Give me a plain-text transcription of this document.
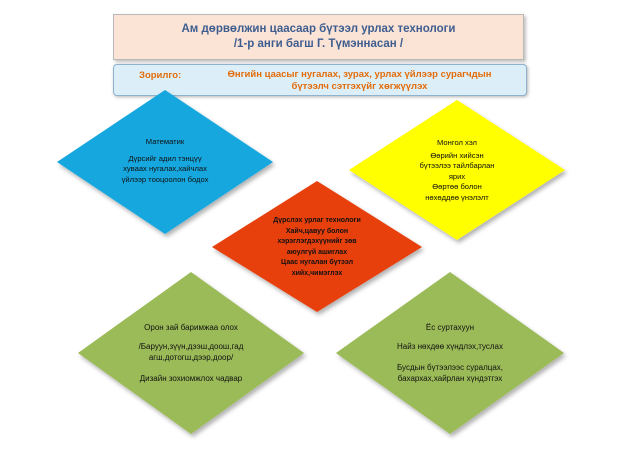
Ам дөрвөлжин цаасаар бүтээл урлах технологи
/1-р анги багш Г. Түмэннасан /
Зорилго:	Өнгийн цаасыг нугалах, зурах, урлах үйлээр сурагчдын
бүтээлч сэтгэхүйг хөгжүүлэх
Математик
Дүрсийг адил тэнцүү
хуваах нугалах,хайчлах
үйлээр тооцоолон бодох
Монгол хэл
Өөрийн хийсэн
бүтээлээ тайлбарлан
ярих
Өөртөө болон
нөхөддөө үнэлэлт
Дүрслэх урлаг технологи
Хайч,цавуу болон
хэрэглэгдэхүүнийг зөв
аюулгүй ашиглах
Цаас нугалан бүтээл
хийх,чимэглэх
Орон зай баримжаа олох
/Баруун,зүүн,дээш,доош,гад
агш,дотогш,дээр,доор/
Дизайн зохиомжлох чадвар
Ёс суртахуун
Найз нөхдөө хүндлэх,туслах
Бусдын бүтээлээс суралцах,
бахархах,хайрлан хүндэтгэх
